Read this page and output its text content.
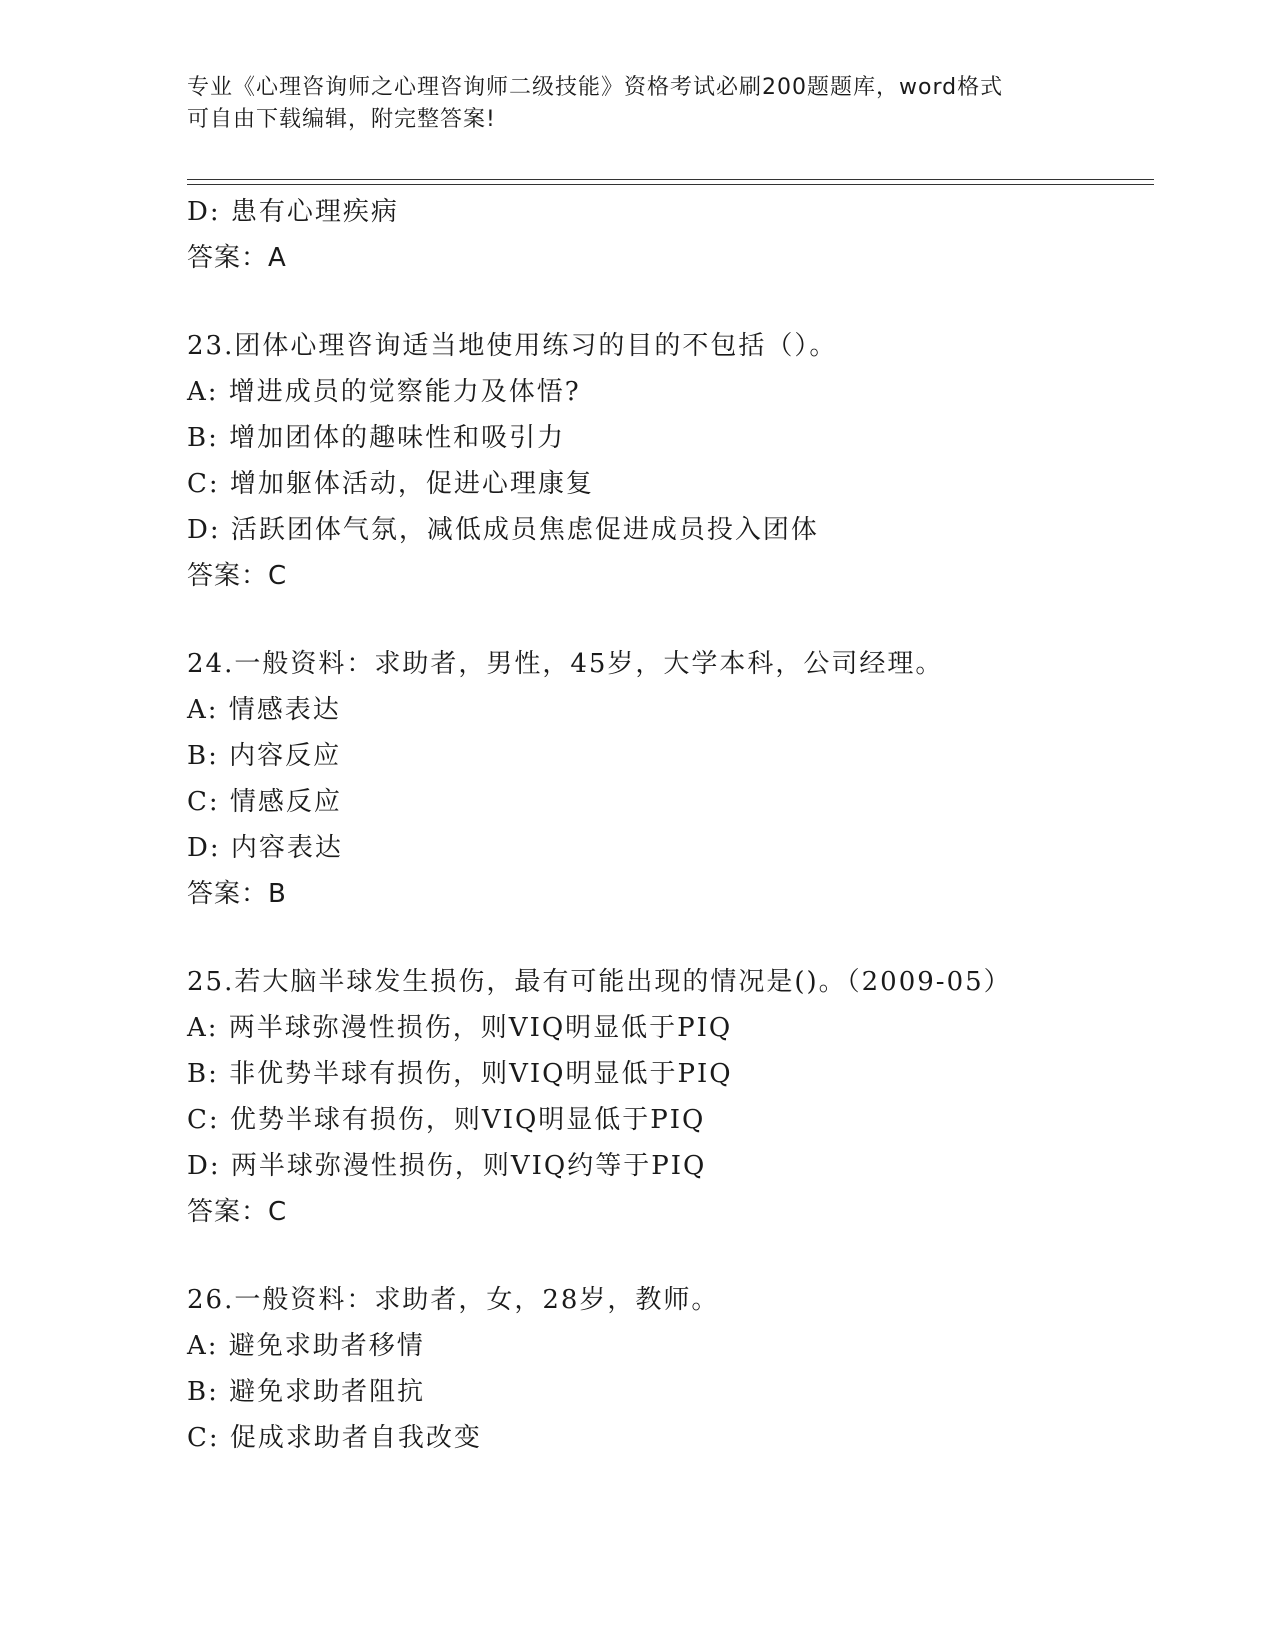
专业《心理咨询师之心理咨询师二级技能》资格考试必刷200题题库，word格式
可自由下载编辑，附完整答案!
D: 患有心理疾病
答案：A
23.团体心理咨询适当地使用练习的目的不包括（）。
A: 增进成员的觉察能力及体悟?
B: 增加团体的趣味性和吸引力
C: 增加躯体活动，促进心理康复
D: 活跃团体气氛，减低成员焦虑促进成员投入团体
答案：C
24.一般资料：求助者，男性，45岁，大学本科，公司经理。
A: 情感表达
B: 内容反应
C: 情感反应
D: 内容表达
答案：B
25.若大脑半球发生损伤，最有可能出现的情况是()。（2009-05）
A: 两半球弥漫性损伤，则VIQ明显低于PIQ
B: 非优势半球有损伤，则VIQ明显低于PIQ
C: 优势半球有损伤，则VIQ明显低于PIQ
D: 两半球弥漫性损伤，则VIQ约等于PIQ
答案：C
26.一般资料：求助者，女，28岁，教师。
A: 避免求助者移情
B: 避免求助者阻抗
C: 促成求助者自我改变
